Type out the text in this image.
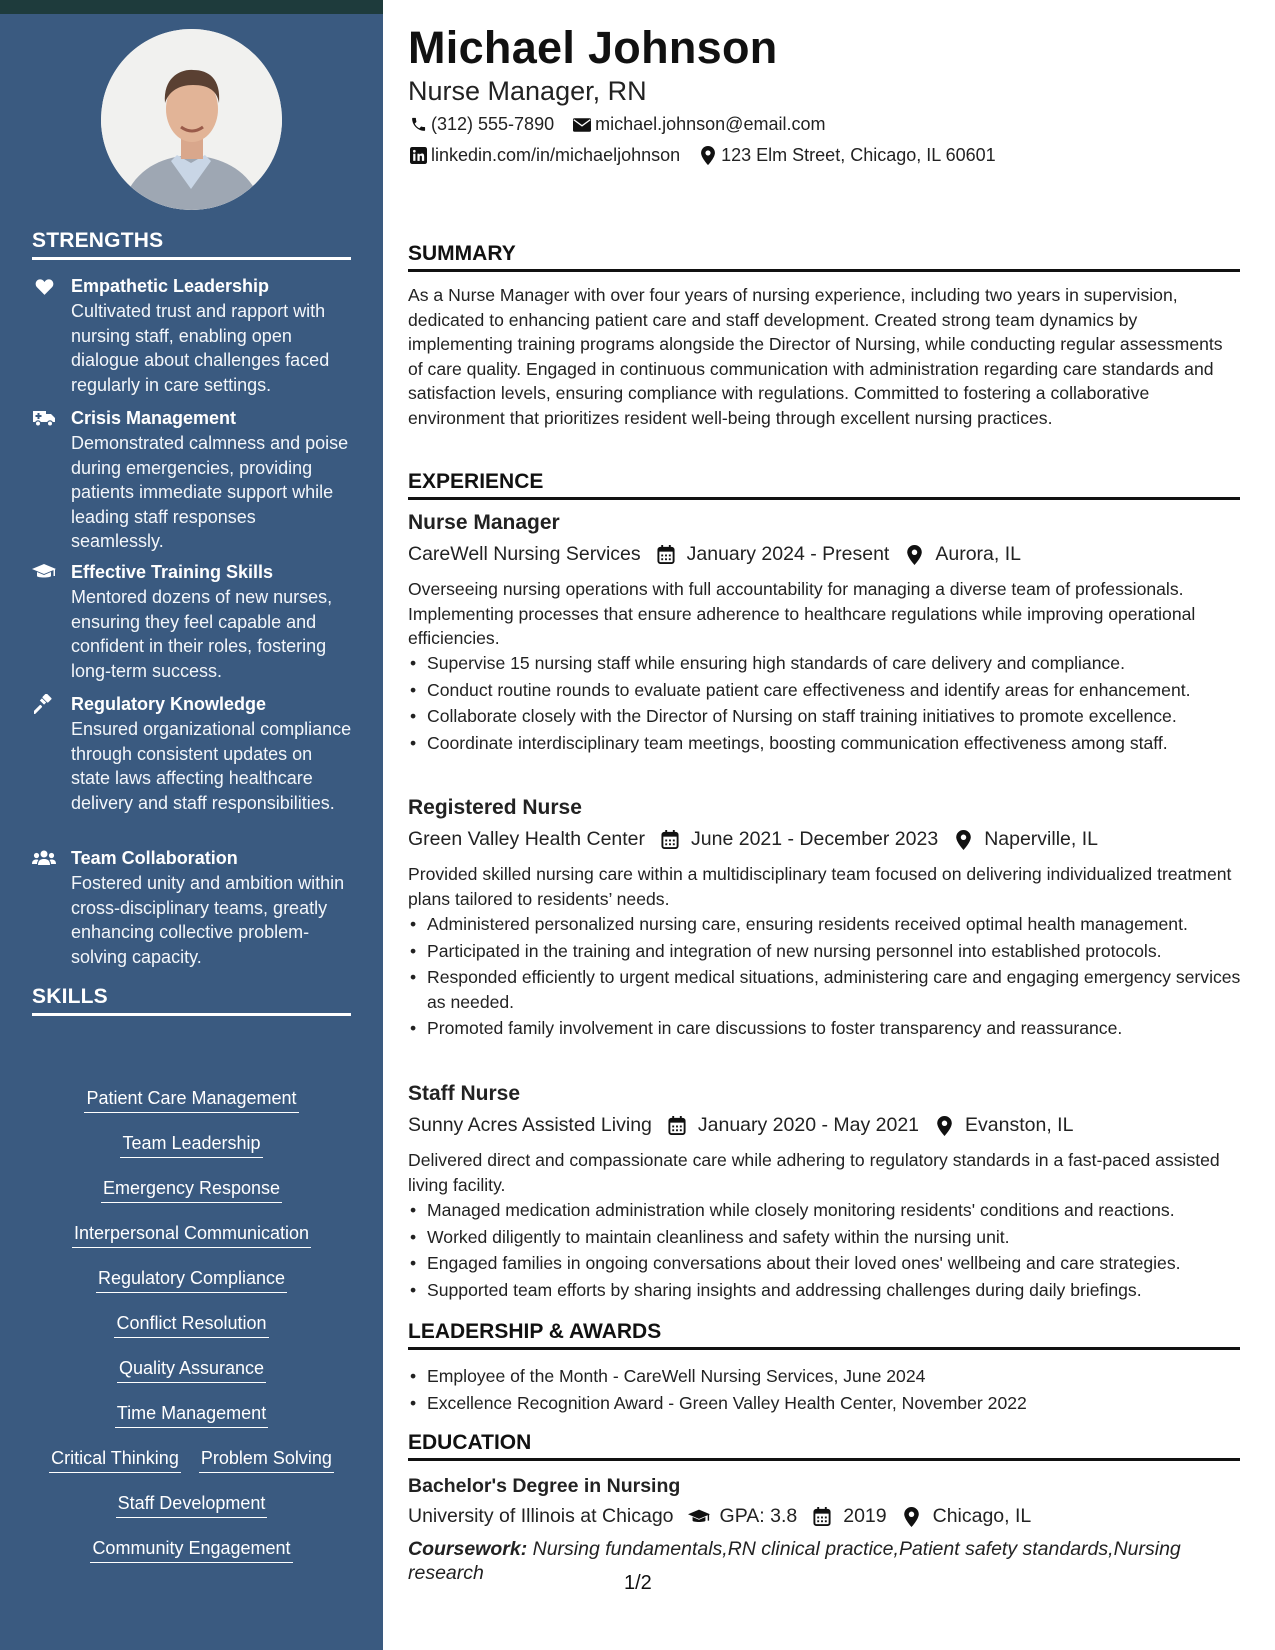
STRENGTHS
Empathetic Leadership
Cultivated trust and rapport with nursing staff, enabling open dialogue about challenges faced regularly in care settings.
Crisis Management
Demonstrated calmness and poise during emergencies, providing patients immediate support while leading staff responses seamlessly.
Effective Training Skills
Mentored dozens of new nurses, ensuring they feel capable and confident in their roles, fostering long-term success.
Regulatory Knowledge
Ensured organizational compliance through consistent updates on state laws affecting healthcare delivery and staff responsibilities.
Team Collaboration
Fostered unity and ambition within cross-disciplinary teams, greatly enhancing collective problem-solving capacity.
SKILLS
Patient Care Management
Team Leadership
Emergency Response
Interpersonal Communication
Regulatory Compliance
Conflict Resolution
Quality Assurance
Time Management
Critical Thinking Problem Solving
Staff Development
Community Engagement
Michael Johnson
Nurse Manager, RN
(312) 555-7890 michael.johnson@email.com
linkedin.com/in/michaeljohnson 123 Elm Street, Chicago, IL 60601
SUMMARY
As a Nurse Manager with over four years of nursing experience, including two years in supervision, dedicated to enhancing patient care and staff development. Created strong team dynamics by implementing training programs alongside the Director of Nursing, while conducting regular assessments of care quality. Engaged in continuous communication with administration regarding care standards and satisfaction levels, ensuring compliance with regulations. Committed to fostering a collaborative environment that prioritizes resident well-being through excellent nursing practices.
EXPERIENCE
Nurse Manager
CareWell Nursing Services January 2024 - Present Aurora, IL
Overseeing nursing operations with full accountability for managing a diverse team of professionals. Implementing processes that ensure adherence to healthcare regulations while improving operational efficiencies.
• Supervise 15 nursing staff while ensuring high standards of care delivery and compliance.
• Conduct routine rounds to evaluate patient care effectiveness and identify areas for enhancement.
• Collaborate closely with the Director of Nursing on staff training initiatives to promote excellence.
• Coordinate interdisciplinary team meetings, boosting communication effectiveness among staff.
Registered Nurse
Green Valley Health Center June 2021 - December 2023 Naperville, IL
Provided skilled nursing care within a multidisciplinary team focused on delivering individualized treatment plans tailored to residents’ needs.
• Administered personalized nursing care, ensuring residents received optimal health management.
• Participated in the training and integration of new nursing personnel into established protocols.
• Responded efficiently to urgent medical situations, administering care and engaging emergency services as needed.
• Promoted family involvement in care discussions to foster transparency and reassurance.
Staff Nurse
Sunny Acres Assisted Living January 2020 - May 2021 Evanston, IL
Delivered direct and compassionate care while adhering to regulatory standards in a fast-paced assisted living facility.
• Managed medication administration while closely monitoring residents' conditions and reactions.
• Worked diligently to maintain cleanliness and safety within the nursing unit.
• Engaged families in ongoing conversations about their loved ones' wellbeing and care strategies.
• Supported team efforts by sharing insights and addressing challenges during daily briefings.
LEADERSHIP & AWARDS
• Employee of the Month - CareWell Nursing Services, June 2024
• Excellence Recognition Award - Green Valley Health Center, November 2022
EDUCATION
Bachelor's Degree in Nursing
University of Illinois at Chicago GPA: 3.8 2019 Chicago, IL
Coursework: Nursing fundamentals,RN clinical practice,Patient safety standards,Nursing research	1/2
